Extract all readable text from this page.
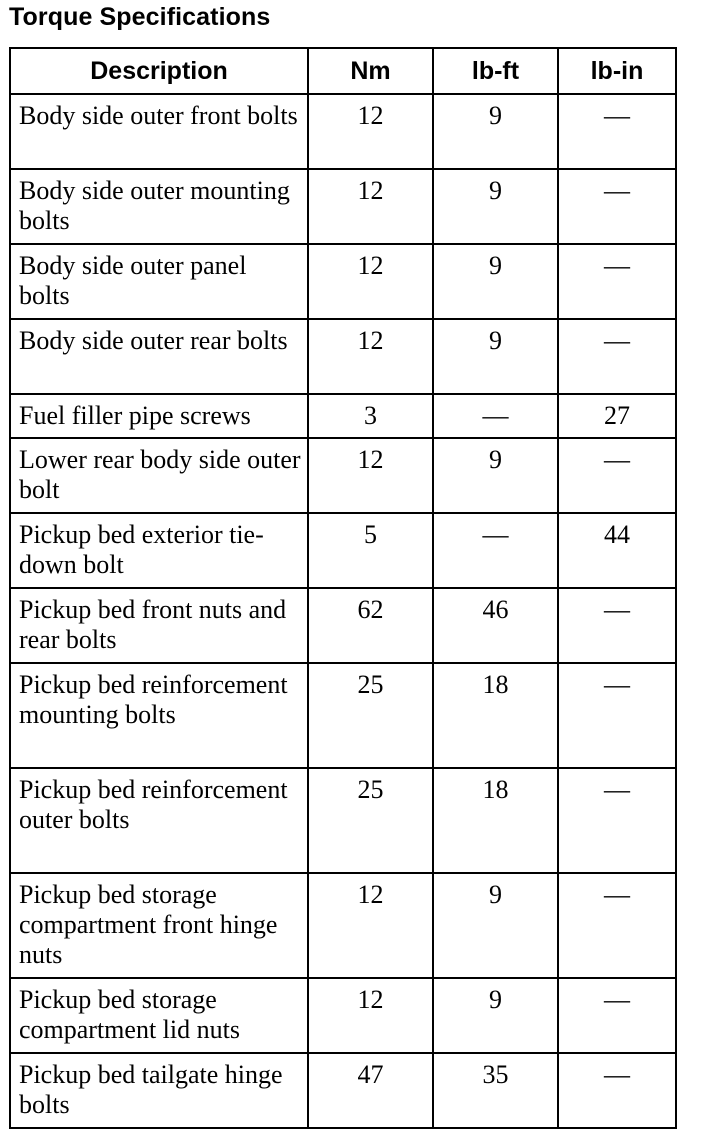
Torque Specifications
Description	Nm	lb-ft	lb-in
Body side outer front bolts	12	9	—
Body side outer mounting bolts	12	9	—
Body side outer panel bolts	12	9	—
Body side outer rear bolts	12	9	—
Fuel filler pipe screws	3	—	27
Lower rear body side outer bolt	12	9	—
Pickup bed exterior tie-down bolt	5	—	44
Pickup bed front nuts and rear bolts	62	46	—
Pickup bed reinforcement mounting bolts	25	18	—
Pickup bed reinforcement outer bolts	25	18	—
Pickup bed storage compartment front hinge nuts	12	9	—
Pickup bed storage compartment lid nuts	12	9	—
Pickup bed tailgate hinge bolts	47	35	—
